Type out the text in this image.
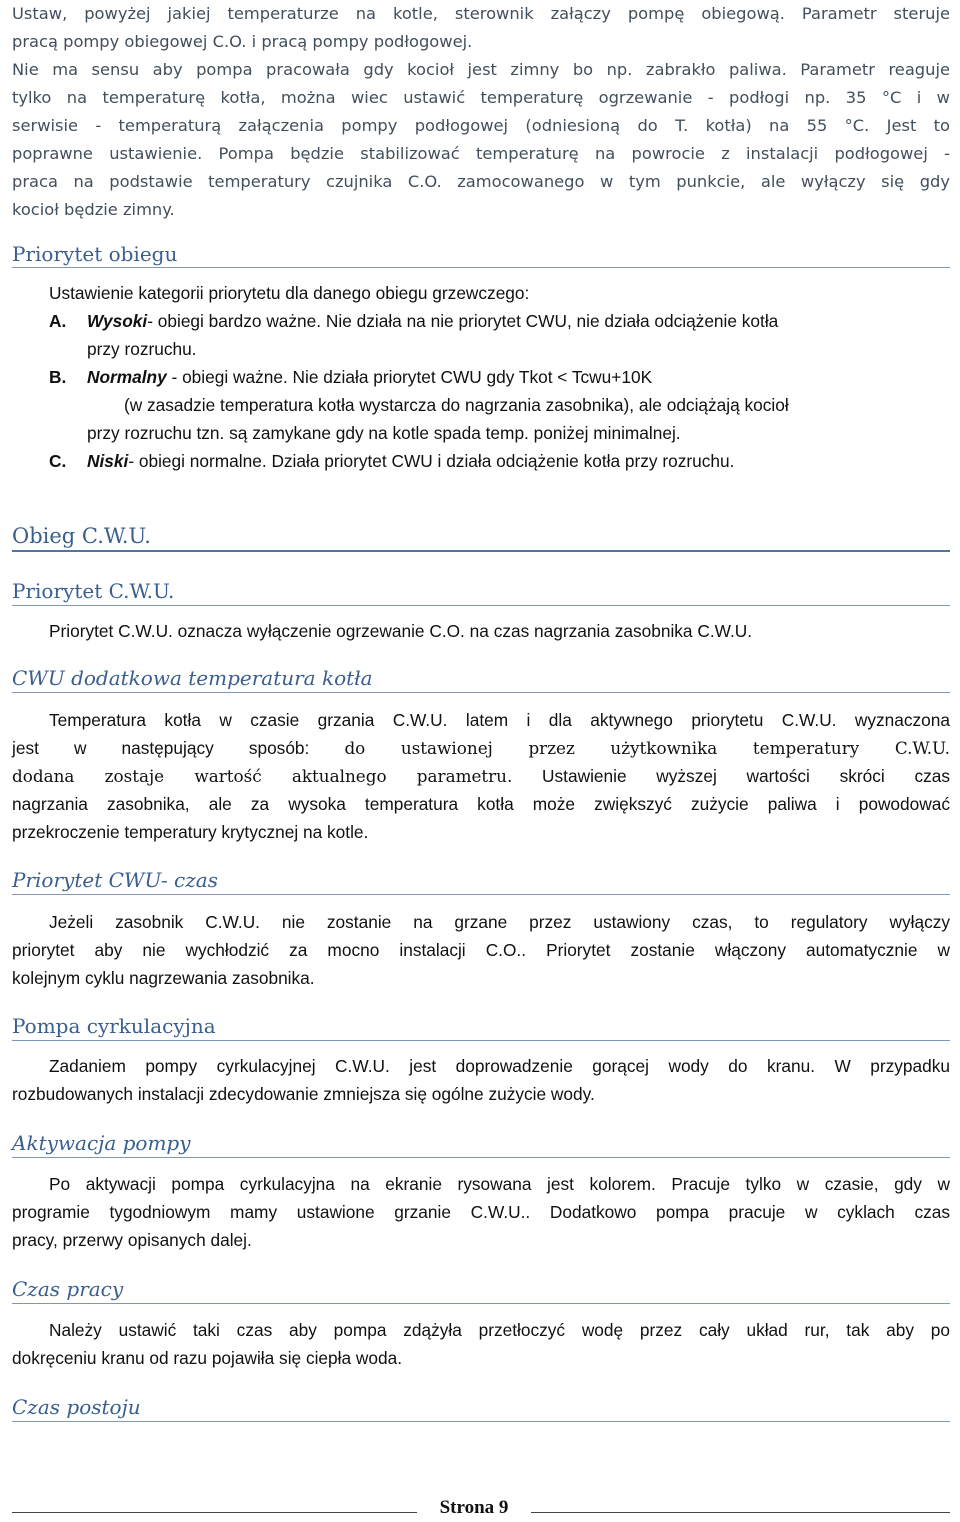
Ustaw, powyżej jakiej temperaturze na kotle, sterownik załączy pompę obiegową. Parametr steruje
pracą pompy obiegowej C.O. i pracą pompy podłogowej.
Nie ma sensu aby pompa pracowała gdy kocioł jest zimny bo np. zabrakło paliwa. Parametr reaguje
tylko na temperaturę kotła, można wiec ustawić temperaturę ogrzewanie - podłogi np. 35 °C i w
serwisie - temperaturą załączenia pompy podłogowej (odniesioną do T. kotła) na 55 °C. Jest to
poprawne ustawienie. Pompa będzie stabilizować temperaturę na powrocie z instalacji podłogowej -
praca na podstawie temperatury czujnika C.O. zamocowanego w tym punkcie, ale wyłączy się gdy
kocioł będzie zimny.
Priorytet obiegu
Ustawienie kategorii priorytetu dla danego obiegu grzewczego:
A. Wysoki- obiegi bardzo ważne. Nie działa na nie priorytet CWU, nie działa odciążenie kotła
przy rozruchu.
B. Normalny - obiegi ważne. Nie działa priorytet CWU gdy Tkot < Tcwu+10K
(w zasadzie temperatura kotła wystarcza do nagrzania zasobnika), ale odciążają kocioł
przy rozruchu tzn. są zamykane gdy na kotle spada temp. poniżej minimalnej.
C. Niski- obiegi normalne. Działa priorytet CWU i działa odciążenie kotła przy rozruchu.
Obieg C.W.U.
Priorytet C.W.U.
Priorytet C.W.U. oznacza wyłączenie ogrzewanie C.O. na czas nagrzania zasobnika C.W.U.
CWU dodatkowa temperatura kotła
Temperatura kotła w czasie grzania C.W.U. latem i dla aktywnego priorytetu C.W.U. wyznaczona
jest w następujący sposób: do ustawionej przez użytkownika temperatury C.W.U.
dodana zostaje wartość aktualnego parametru. Ustawienie wyższej wartości skróci czas
nagrzania zasobnika, ale za wysoka temperatura kotła może zwiększyć zużycie paliwa i powodować
przekroczenie temperatury krytycznej na kotle.
Priorytet CWU- czas
Jeżeli zasobnik C.W.U. nie zostanie na grzane przez ustawiony czas, to regulatory wyłączy
priorytet aby nie wychłodzić za mocno instalacji C.O.. Priorytet zostanie włączony automatycznie w
kolejnym cyklu nagrzewania zasobnika.
Pompa cyrkulacyjna
Zadaniem pompy cyrkulacyjnej C.W.U. jest doprowadzenie gorącej wody do kranu. W przypadku
rozbudowanych instalacji zdecydowanie zmniejsza się ogólne zużycie wody.
Aktywacja pompy
Po aktywacji pompa cyrkulacyjna na ekranie rysowana jest kolorem. Pracuje tylko w czasie, gdy w
programie tygodniowym mamy ustawione grzanie C.W.U.. Dodatkowo pompa pracuje w cyklach czas
pracy, przerwy opisanych dalej.
Czas pracy
Należy ustawić taki czas aby pompa zdążyła przetłoczyć wodę przez cały układ rur, tak aby po
dokręceniu kranu od razu pojawiła się ciepła woda.
Czas postoju
Strona 9
